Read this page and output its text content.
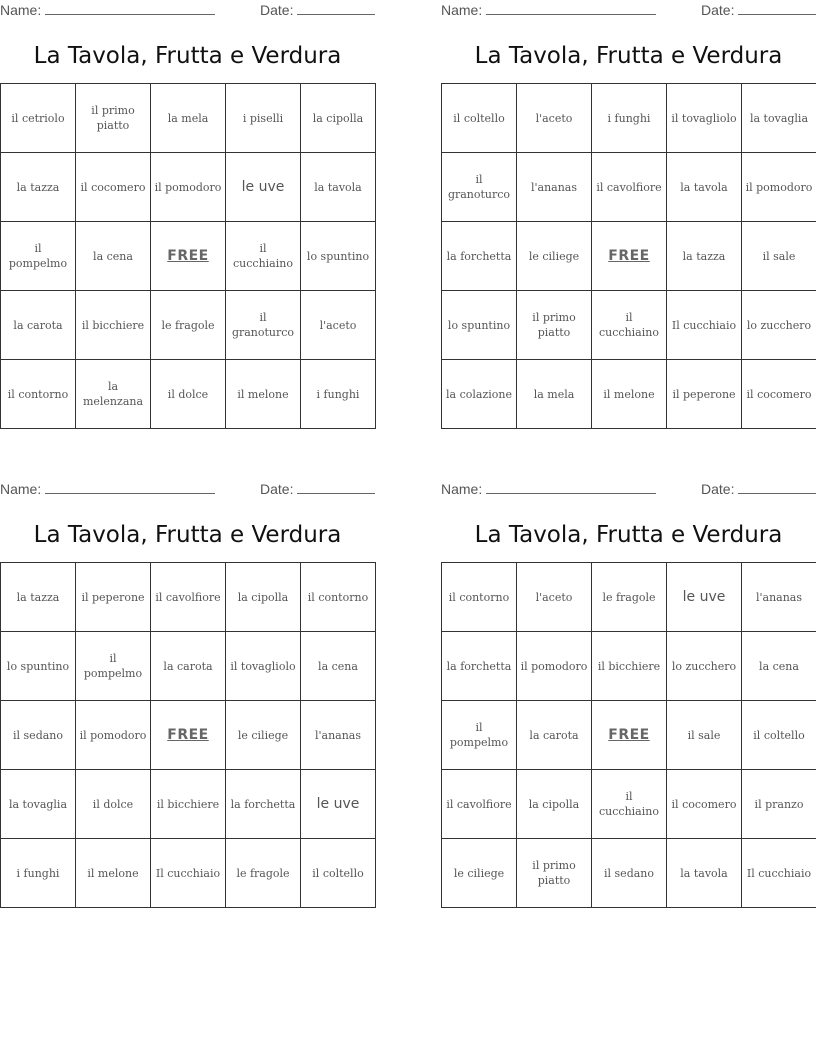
Name:	Date:
La Tavola, Frutta e Verdura
il cetriolo	il primo piatto	la mela	i piselli	la cipolla
la tazza	il cocomero	il pomodoro	le uve	la tavola
il pompelmo	la cena	FREE	il cucchiaino	lo spuntino
la carota	il bicchiere	le fragole	il granoturco	l'aceto
il contorno	la melenzana	il dolce	il melone	i funghi
Name:	Date:
La Tavola, Frutta e Verdura
il coltello	l'aceto	i funghi	il tovagliolo	la tovaglia
il granoturco	l'ananas	il cavolfiore	la tavola	il pomodoro
la forchetta	le ciliege	FREE	la tazza	il sale
lo spuntino	il primo piatto	il cucchiaino	Il cucchiaio	lo zucchero
la colazione	la mela	il melone	il peperone	il cocomero
Name:	Date:
La Tavola, Frutta e Verdura
la tazza	il peperone	il cavolfiore	la cipolla	il contorno
lo spuntino	il pompelmo	la carota	il tovagliolo	la cena
il sedano	il pomodoro	FREE	le ciliege	l'ananas
la tovaglia	il dolce	il bicchiere	la forchetta	le uve
i funghi	il melone	Il cucchiaio	le fragole	il coltello
Name:	Date:
La Tavola, Frutta e Verdura
il contorno	l'aceto	le fragole	le uve	l'ananas
la forchetta	il pomodoro	il bicchiere	lo zucchero	la cena
il pompelmo	la carota	FREE	il sale	il coltello
il cavolfiore	la cipolla	il cucchiaino	il cocomero	il pranzo
le ciliege	il primo piatto	il sedano	la tavola	Il cucchiaio
